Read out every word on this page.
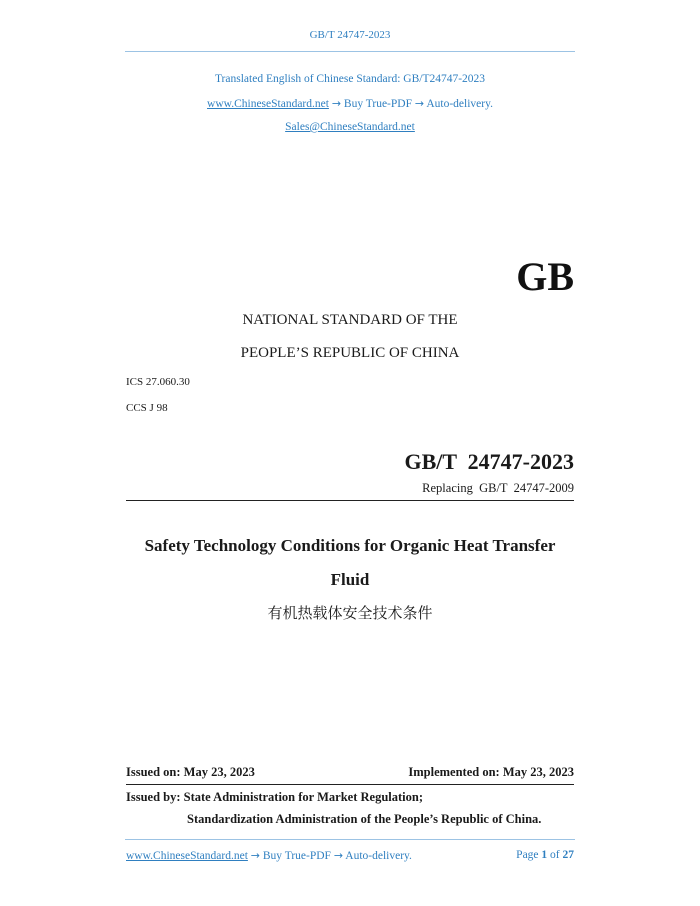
GB/T 24747-2023
Translated English of Chinese Standard: GB/T24747-2023
www.ChineseStandard.net → Buy True-PDF → Auto-delivery.
Sales@ChineseStandard.net
GB
NATIONAL STANDARD OF THE
PEOPLE’S REPUBLIC OF CHINA
ICS 27.060.30
CCS J 98
GB/T  24747-2023
Replacing  GB/T  24747-2009
Safety Technology Conditions for Organic Heat Transfer
Fluid
有机热载体安全技术条件
Issued on: May 23, 2023	Implemented on: May 23, 2023
Issued by: State Administration for Market Regulation;
Standardization Administration of the People’s Republic of China.
www.ChineseStandard.net → Buy True-PDF → Auto-delivery.	Page 1 of 27
